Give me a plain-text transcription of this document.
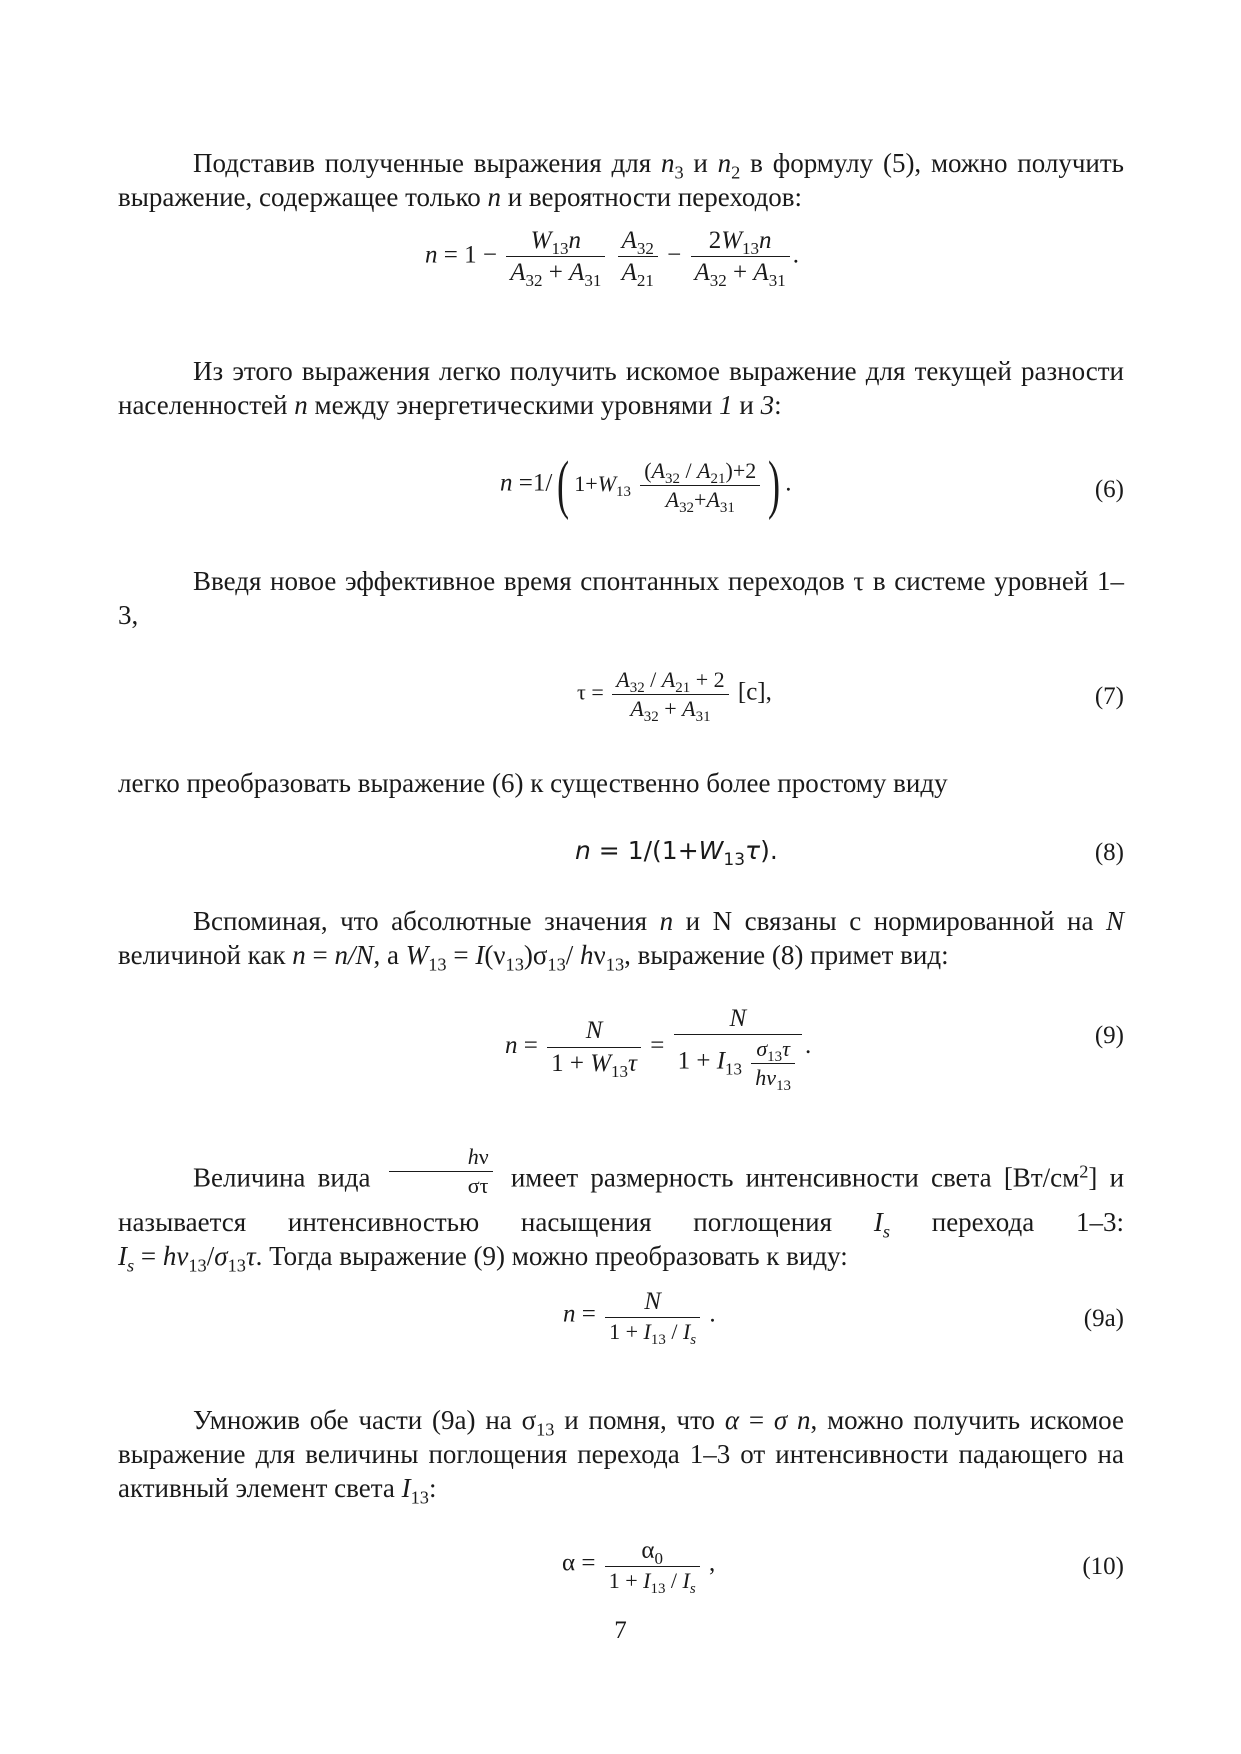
Подставив полученные выражения для $n_3$ и $n_2$ в формулу (5), можно получить выражение, содержащее только n и вероятности переходов:
$n = 1 - \frac{W_{13}n}{A_{32} + A_{31}}$
$\frac{A_{32}}{A_{21}} - \frac{2W_{13}n}{A_{32} + A_{31}}$ .
Из этого выражения легко получить искомое выражение для текущей разности населенностей n между энергетическими уровнями 1 и 3:
n =1/( $1+W_{13} \frac{(A_{32} / A_{21})+2}{A_{32}+A_{31}}$ ) .	(6)
Введя новое эффективное время спонтанных переходов τ в системе уровней 1–3,
$\tau = \frac{A_{32} / A_{21} + 2}{A_{32} + A_{31}} [с]$,	(7)
легко преобразовать выражение (6) к существенно более простому виду
$n = 1/(1+W_{13}\tau)$.	(8)
Вспоминая, что абсолютные значения n и N связаны с нормированной на N величиной как n = n/N, а $W_{13} = I(\nu_{13})\sigma_{13}/$ $h\nu_{13}$, выражение (8) примет вид:
$n = \frac{N}{1 + W_{13}\tau} = \frac{N}{1 + I_{13} \frac{\sigma_{13}\tau}{h\nu_{13}}}$ .	(9)
Величина вида $\frac{h\nu}{\sigma\tau}$ имеет размерность интенсивности света $[Вт/см^2]$ и
называется интенсивностью насыщения поглощения $I_s$ перехода 1–3:
$I_s = h\nu_{13}/\sigma_{13}\tau$. Тогда выражение (9) можно преобразовать к виду:
$n = \frac{N}{1 + I_{13} / I_s}$ .	(9а)
Умножив обе части (9а) на $\sigma_{13}$ и помня, что α = σ n, можно получить искомое выражение для величины поглощения перехода 1–3 от интенсивности падающего на активный элемент света $I_{13}$:
$\alpha = \frac{\alpha_0}{1 + I_{13} / I_s}$ ,	(10)
7
